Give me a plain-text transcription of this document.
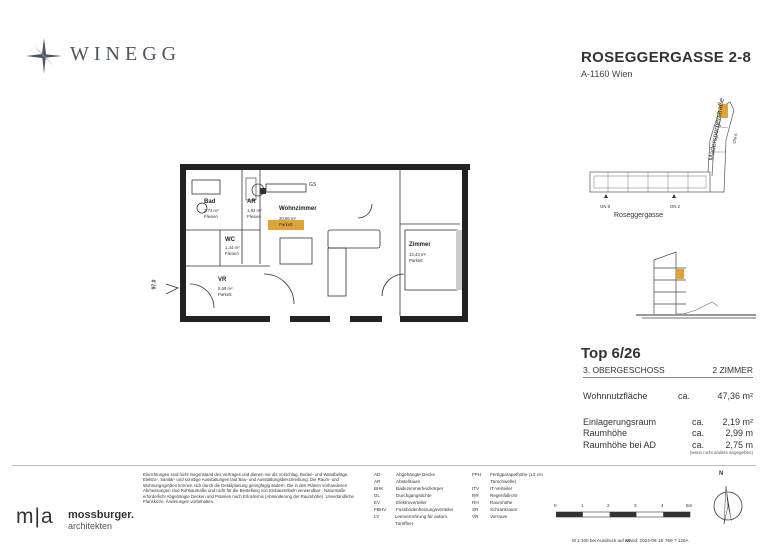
WINEGG	ROSEGGERGASSE 2-8
A-1160 Wien
ON 8	ON 2
ON 6
Roseggergasse
Maderspergerstraße
Bad
3,72 m²
Fliesen
AR
1,92 m²
Fliesen
WC
1,44 m²
Fliesen
Wohnzimmer
20,96 m²
Parkett
Zimmer
13,43 m²
Parkett
VR
5,69 m²
Parkett
GS
97,0
Top 6/26
3. OBERGESCHOSS	2 ZIMMER
Wohnnutzfläche	ca.	47,36 m²
Einlagerungsraum	ca.	2,19 m²
Raumhöhe	ca.	2,99 m
Raumhöhe bei AD	ca.	2,75 m
(wenn nicht anders angegeben)
m|a mossburger.
architekten
Einrichtungen sind nicht Gegenstand des Vertrages und dienen nur als Vorschlag. Boden- und Wandbeläge, Elektro-, Sanitär- und sonstige Ausstattungen laut Bau- und Ausstattungsbeschreibung. Die Raum- und Wohnungsgrößen können sich durch die Detailplanung geringfügig ändern. Die in den Plänen vorhandenen Abmessungen sind Rohbaumaße und nicht für die Bestellung von Einbaumöbeln verwendbar - Naturmaße erforderlich! Abgehängte Decken und Poterien nach Erfordernis (Abminderung der Raumhöhe). Unverbindliche Planskizze, Änderungen vorbehalten.
AD	Abgehängte Decke
AR	Abstellraum
BHK	Badezimmerheizkörper
DL	Durchgangslichte
EV	Elektroverteiler
FBHV	Fussbodenheizungsverteiler
LV	Leerverrohrung für autom. Türöffner
FPH	Fertigparapethöhe (±3 cm Türschwelle)
ITV	IT-Verteiler
RR	Regenfallrohr
RH	Raumhöhe
SR	Schrankraum
VR	Vorraum
0	1	2	3	4	5m
M 1:100 bei Ausdruck auf A4
Stand: 2024-06-16 769 7 120A
N
